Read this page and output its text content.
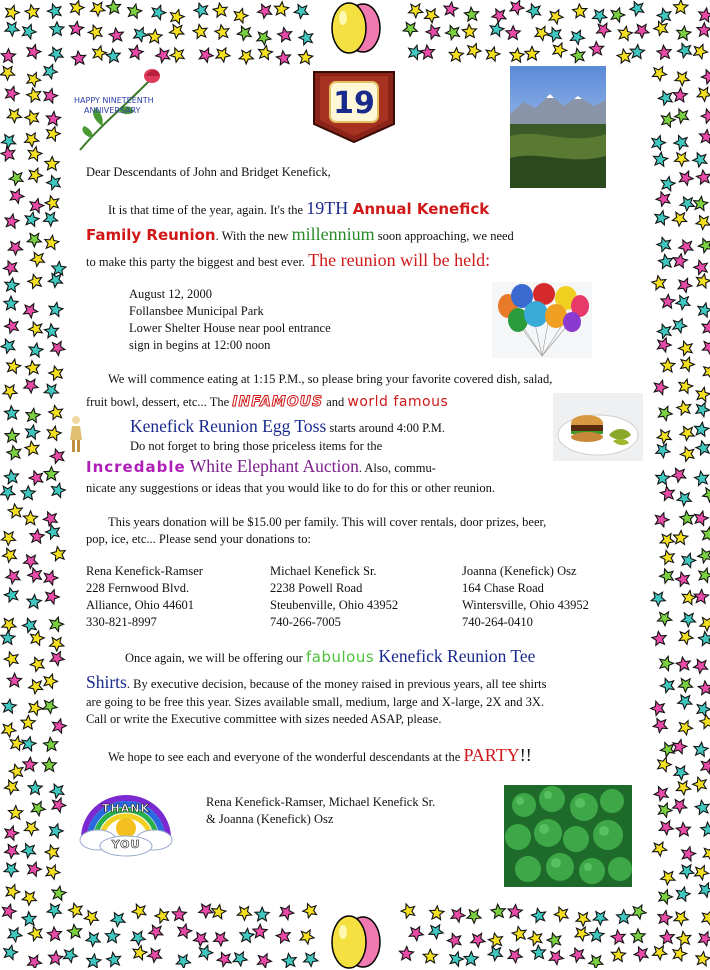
HAPPY NINETEENTH
ANNIVERSARY	19
Dear Descendants of John and Bridget Kenefick,
It is that time of the year, again. It's the 19TH Annual Kenefick
Family Reunion. With the new millennium soon approaching, we need
to make this party the biggest and best ever. The reunion will be held:
August 12, 2000
Follansbee Municipal Park
Lower Shelter House near pool entrance
sign in begins at 12:00 noon
We will commence eating at 1:15 P.M., so please bring your favorite covered dish, salad,
fruit bowl, dessert, etc... The INFAMOUS and world famous
Kenefick Reunion Egg Toss starts around 4:00 P.M.
Do not forget to bring those priceless items for the
Incredable White Elephant Auction. Also, commu-
nicate any suggestions or ideas that you would like to do for this or other reunion.
This years donation will be $15.00 per family. This will cover rentals, door prizes, beer,
pop, ice, etc... Please send your donations to:
Rena Kenefick-Ramser
228 Fernwood Blvd.
Alliance, Ohio 44601
330-821-8997
Michael Kenefick Sr.
2238 Powell Road
Steubenville, Ohio 43952
740-266-7005
Joanna (Kenefick) Osz
164 Chase Road
Wintersville, Ohio 43952
740-264-0410
Once again, we will be offering our fabulous Kenefick Reunion Tee
Shirts. By executive decision, because of the money raised in previous years, all tee shirts
are going to be free this year. Sizes available small, medium, large and X-large, 2X and 3X.
Call or write the Executive committee with sizes needed ASAP, please.
We hope to see each and everyone of the wonderful descendants at the PARTY!!
THANK
YOU
Rena Kenefick-Ramser, Michael Kenefick Sr.
& Joanna (Kenefick) Osz
